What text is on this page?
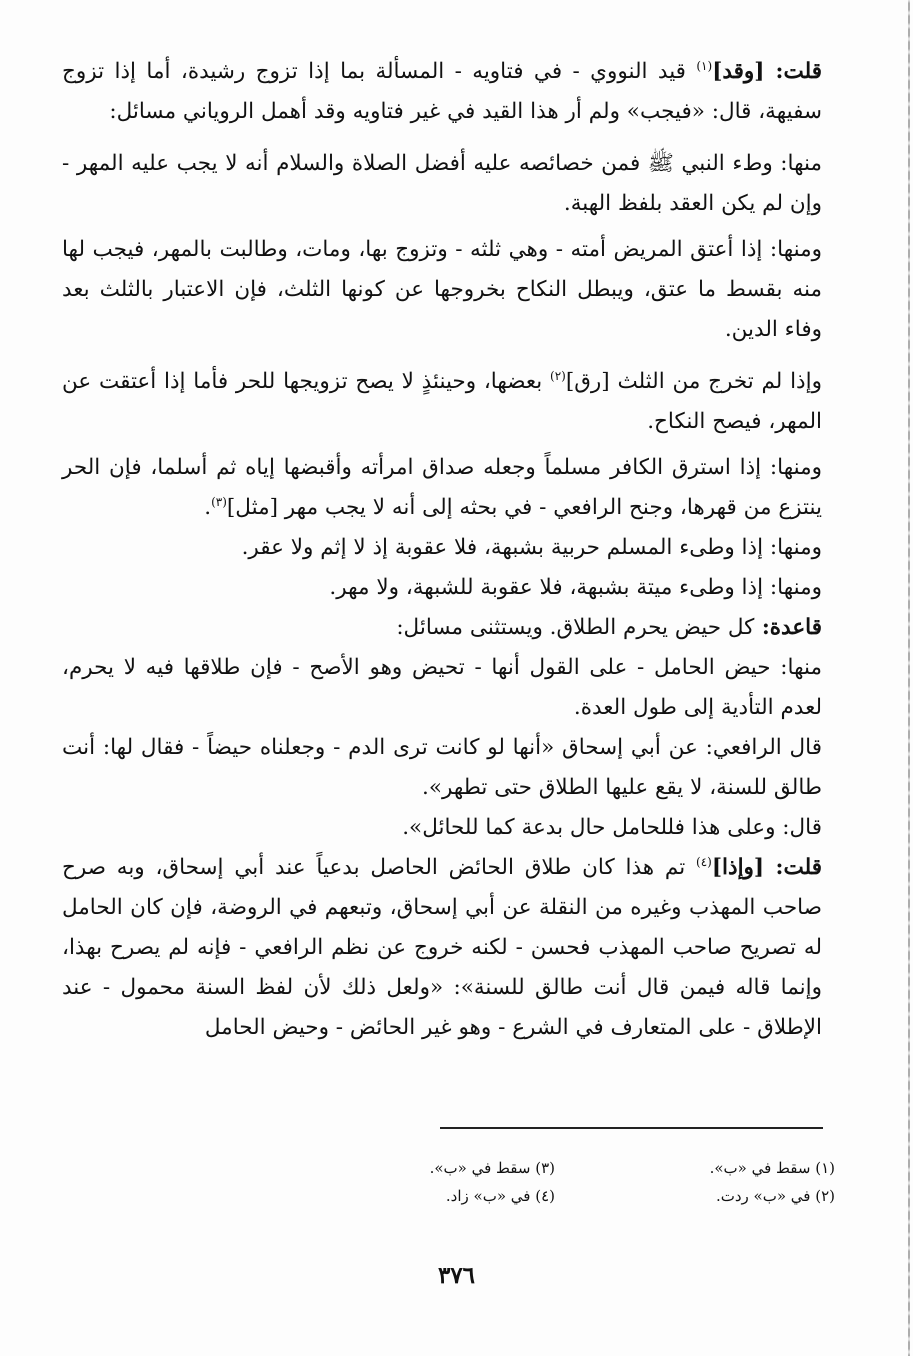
قلت: [وقد]$^{(١)}$ قيد النووي - في فتاويه - المسألة بما إذا تزوج رشيدة، أما إذا تزوج سفيهة، قال: «فيجب» ولم أر هذا القيد في غير فتاويه وقد أهمل الروياني مسائل:

منها: وطء النبي ﷺ فمن خصائصه عليه أفضل الصلاة والسلام أنه لا يجب عليه المهر - وإن لم يكن العقد بلفظ الهبة.

ومنها: إذا أعتق المريض أمته - وهي ثلثه - وتزوج بها، ومات، وطالبت بالمهر، فيجب لها منه بقسط ما عتق، ويبطل النكاح بخروجها عن كونها الثلث، فإن الاعتبار بالثلث بعد وفاء الدين.

وإذا لم تخرج من الثلث [رق]$^{(٢)}$ بعضها، وحينئذٍ لا يصح تزويجها للحر فأما إذا أعتقت عن المهر، فيصح النكاح.

ومنها: إذا استرق الكافر مسلماً وجعله صداق امرأته وأقبضها إياه ثم أسلما، فإن الحر ينتزع من قهرها، وجنح الرافعي - في بحثه إلى أنه لا يجب مهر [مثل]$^{(٣)}$.

ومنها: إذا وطىء المسلم حربية بشبهة، فلا عقوبة إذ لا إثم ولا عقر.

ومنها: إذا وطىء ميتة بشبهة، فلا عقوبة للشبهة، ولا مهر.

قاعدة: كل حيض يحرم الطلاق. ويستثنى مسائل:

منها: حيض الحامل - على القول أنها - تحيض وهو الأصح - فإن طلاقها فيه لا يحرم، لعدم التأدية إلى طول العدة.

قال الرافعي: عن أبي إسحاق «أنها لو كانت ترى الدم - وجعلناه حيضاً - فقال لها: أنت طالق للسنة، لا يقع عليها الطلاق حتى تطهر».

قال: وعلى هذا فللحامل حال بدعة كما للحائل».

قلت: [وإذا]$^{(٤)}$ تم هذا كان طلاق الحائض الحاصل بدعياً عند أبي إسحاق، وبه صرح صاحب المهذب وغيره من النقلة عن أبي إسحاق، وتبعهم في الروضة، فإن كان الحامل له تصريح صاحب المهذب فحسن - لكنه خروج عن نظم الرافعي - فإنه لم يصرح بهذا، وإنما قاله فيمن قال أنت طالق للسنة»: «ولعل ذلك لأن لفظ السنة محمول - عند الإطلاق - على المتعارف في الشرع - وهو غير الحائض - وحيض الحامل

(١) سقط في «ب».
(٢) في «ب» ردت.
(٣) سقط في «ب».
(٤) في «ب» زاد.
٣٧٦
